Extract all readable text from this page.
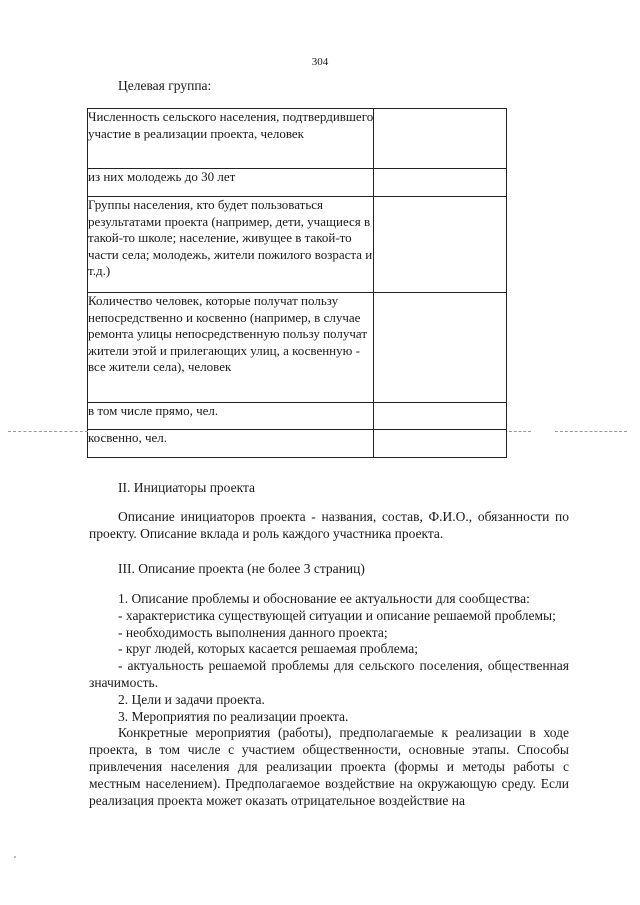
304
Целевая группа:
Численность сельского населения, подтвердившего участие в реализации проекта, человек	
из них молодежь до 30 лет	
Группы населения, кто будет пользоваться результатами проекта (например, дети, учащиеся в такой-то школе; население, живущее в такой-то части села; молодежь, жители пожилого возраста и т.д.)	
Количество человек, которые получат пользу непосредственно и косвенно (например, в случае ремонта улицы непосредственную пользу получат жители этой и прилегающих улиц, а косвенную - все жители села), человек	
в том числе прямо, чел.	
косвенно, чел.	
II. Инициаторы проекта
Описание инициаторов проекта - названия, состав, Ф.И.О., обязанности по проекту. Описание вклада и роль каждого участника проекта.
III. Описание проекта (не более 3 страниц)
1. Описание проблемы и обоснование ее актуальности для сообщества:
- характеристика существующей ситуации и описание решаемой проблемы;
- необходимость выполнения данного проекта;
- круг людей, которых касается решаемая проблема;
- актуальность решаемой проблемы для сельского поселения, общественная значимость.
2. Цели и задачи проекта.
3. Мероприятия по реализации проекта.
Конкретные мероприятия (работы), предполагаемые к реализации в ходе проекта, в том числе с участием общественности, основные этапы. Способы привлечения населения для реализации проекта (формы и методы работы с местным населением). Предполагаемое воздействие на окружающую среду. Если реализация проекта может оказать отрицательное воздействие на
